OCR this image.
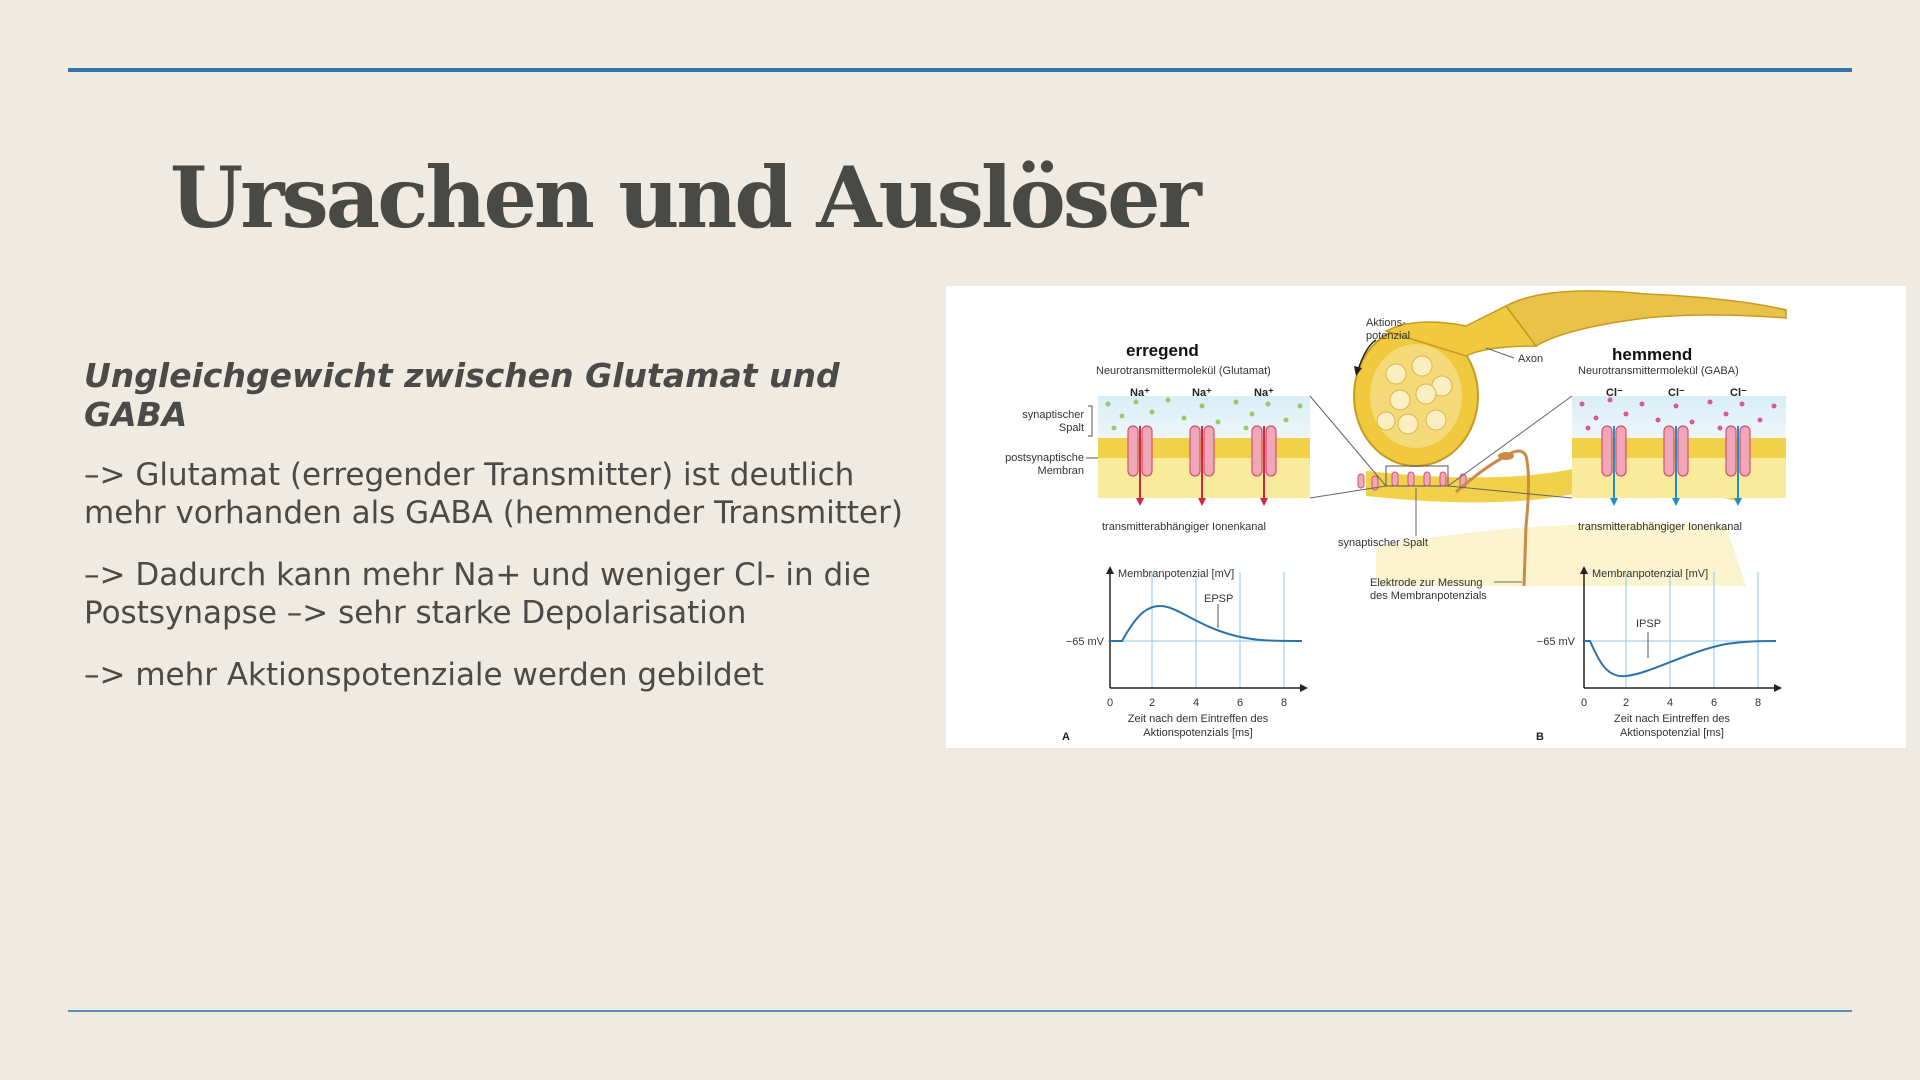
Ursachen und Auslöser

Ungleichgewicht zwischen Glutamat und GABA

–> Glutamat (erregender Transmitter) ist deutlich mehr vorhanden als GABA (hemmender Transmitter)

–> Dadurch kann mehr Na+ und weniger Cl- in die Postsynapse –> sehr starke Depolarisation

–> mehr Aktionspotenziale werden gebildet

Na⁺	Na⁺	Na⁺
erregend
Neurotransmittermolekül (Glutamat)
synaptischer
Spalt
postsynaptische
Membran
transmitterabhängiger Ionenkanal
Aktions-
potenzial
Axon
synaptischer Spalt
Elektrode zur Messung
des Membranpotenzials
Cl⁻	Cl⁻	Cl⁻
hemmend
Neurotransmittermolekül (GABA)
transmitterabhängiger Ionenkanal
Membranpotenzial [mV]
−65 mV
EPSP
0	2	4	6	8
Zeit nach dem Eintreffen des
Aktionspotenzials [ms]
A
Membranpotenzial [mV]
−65 mV
IPSP
0	2	4	6	8
Zeit nach Eintreffen des
Aktionspotenzial [ms]
B
